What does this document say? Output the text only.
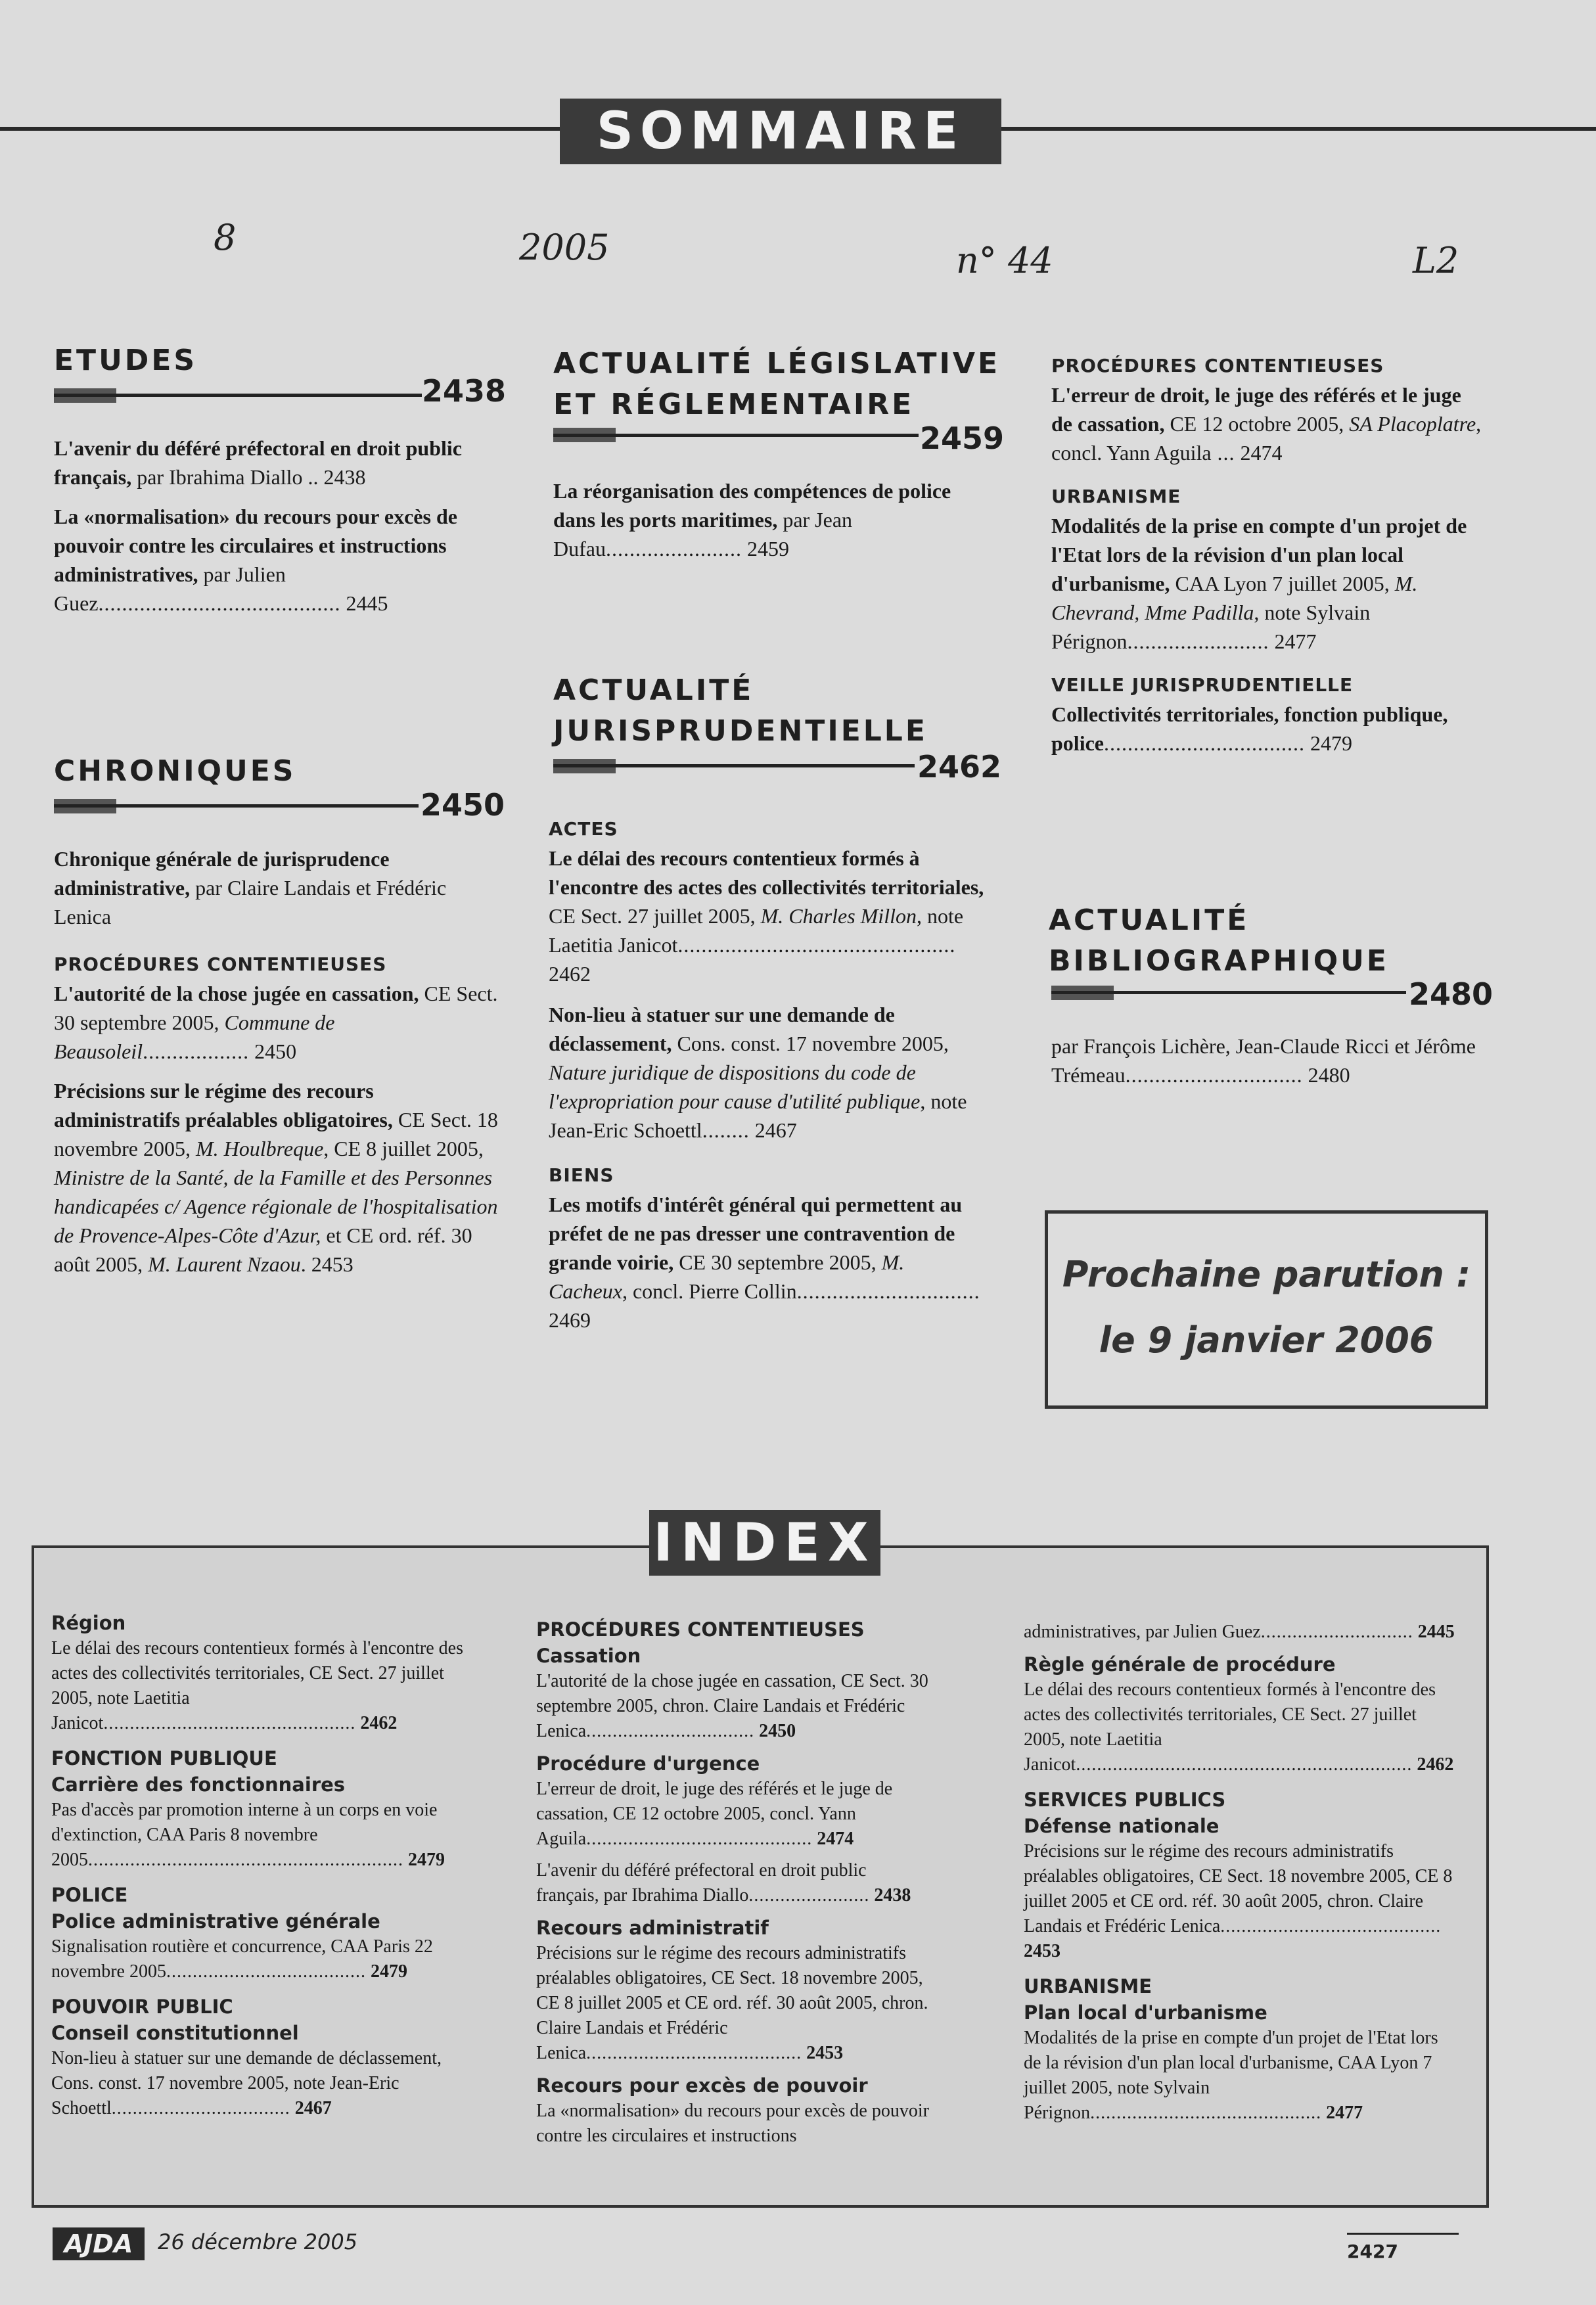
SOMMAIRE
8	2005	n° 44	L2
ETUDES
2438

L'avenir du déféré préfectoral en droit public français, par Ibrahima Diallo .. 2438

La «normalisation» du recours pour excès de pouvoir contre les circulaires et instructions administratives, par Julien Guez......................................... 2445

CHRONIQUES
2450

Chronique générale de jurisprudence administrative, par Claire Landais et Frédéric Lenica

PROCÉDURES CONTENTIEUSES

L'autorité de la chose jugée en cassation, CE Sect. 30 septembre 2005, Commune de Beausoleil.................. 2450

Précisions sur le régime des recours administratifs préalables obligatoires, CE Sect. 18 novembre 2005, M. Houlbreque, CE 8 juillet 2005, Ministre de la Santé, de la Famille et des Personnes handicapées c/ Agence régionale de l'hospitalisation de Provence-Alpes-Côte d'Azur, et CE ord. réf. 30 août 2005, M. Laurent Nzaou. 2453

ACTUALITÉ LÉGISLATIVE
ET RÉGLEMENTAIRE
2459

La réorganisation des compétences de police dans les ports maritimes, par Jean Dufau....................... 2459

ACTUALITÉ
JURISPRUDENTIELLE
2462

ACTES

Le délai des recours contentieux formés à l'encontre des actes des collectivités territoriales, CE Sect. 27 juillet 2005, M. Charles Millon, note Laetitia Janicot............................................... 2462

Non-lieu à statuer sur une demande de déclassement, Cons. const. 17 novembre 2005, Nature juridique de dispositions du code de l'expropriation pour cause d'utilité publique, note Jean-Eric Schoettl........ 2467

BIENS

Les motifs d'intérêt général qui permettent au préfet de ne pas dresser une contravention de grande voirie, CE 30 septembre 2005, M. Cacheux, concl. Pierre Collin............................... 2469

PROCÉDURES CONTENTIEUSES

L'erreur de droit, le juge des référés et le juge de cassation, CE 12 octobre 2005, SA Placoplatre, concl. Yann Aguila ... 2474

URBANISME

Modalités de la prise en compte d'un projet de l'Etat lors de la révision d'un plan local d'urbanisme, CAA Lyon 7 juillet 2005, M. Chevrand, Mme Padilla, note Sylvain Pérignon........................ 2477

VEILLE JURISPRUDENTIELLE

Collectivités territoriales, fonction publique, police.................................. 2479

ACTUALITÉ
BIBLIOGRAPHIQUE
2480

par François Lichère, Jean-Claude Ricci et Jérôme Trémeau.............................. 2480

Prochaine parution :
le 9 janvier 2006
INDEX

Région

Le délai des recours contentieux formés à l'encontre des actes des collectivités territoriales, CE Sect. 27 juillet 2005, note Laetitia Janicot................................................ 2462

FONCTION PUBLIQUE

Carrière des fonctionnaires

Pas d'accès par promotion interne à un corps en voie d'extinction, CAA Paris 8 novembre 2005............................................................ 2479

POLICE

Police administrative générale

Signalisation routière et concurrence, CAA Paris 22 novembre 2005...................................... 2479

POUVOIR PUBLIC

Conseil constitutionnel

Non-lieu à statuer sur une demande de déclassement, Cons. const. 17 novembre 2005, note Jean-Eric Schoettl.................................. 2467

PROCÉDURES CONTENTIEUSES

Cassation

L'autorité de la chose jugée en cassation, CE Sect. 30 septembre 2005, chron. Claire Landais et Frédéric Lenica................................ 2450

Procédure d'urgence

L'erreur de droit, le juge des référés et le juge de cassation, CE 12 octobre 2005, concl. Yann Aguila........................................... 2474

L'avenir du déféré préfectoral en droit public français, par Ibrahima Diallo....................... 2438

Recours administratif

Précisions sur le régime des recours administratifs préalables obligatoires, CE Sect. 18 novembre 2005, CE 8 juillet 2005 et CE ord. réf. 30 août 2005, chron. Claire Landais et Frédéric Lenica......................................... 2453

Recours pour excès de pouvoir

La «normalisation» du recours pour excès de pouvoir contre les circulaires et instructions

administratives, par Julien Guez............................. 2445

Règle générale de procédure

Le délai des recours contentieux formés à l'encontre des actes des collectivités territoriales, CE Sect. 27 juillet 2005, note Laetitia Janicot................................................................ 2462

SERVICES PUBLICS

Défense nationale

Précisions sur le régime des recours administratifs préalables obligatoires, CE Sect. 18 novembre 2005, CE 8 juillet 2005 et CE ord. réf. 30 août 2005, chron. Claire Landais et Frédéric Lenica.......................................... 2453

URBANISME

Plan local d'urbanisme

Modalités de la prise en compte d'un projet de l'Etat lors de la révision d'un plan local d'urbanisme, CAA Lyon 7 juillet 2005, note Sylvain Pérignon............................................ 2477

AJDA	26 décembre 2005	2427
